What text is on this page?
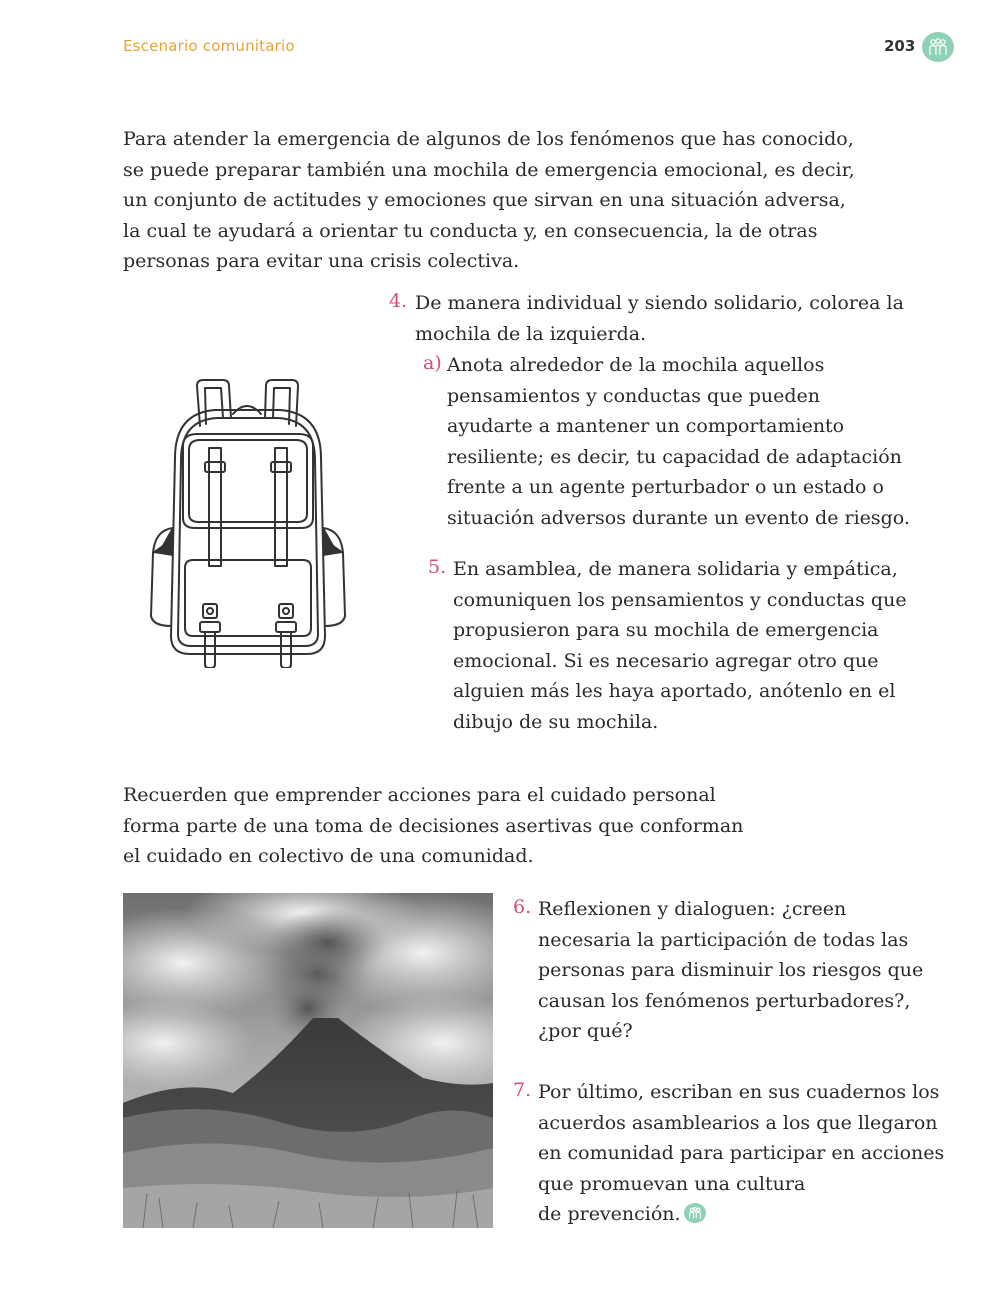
Escenario comunitario	203

Para atender la emergencia de algunos de los fenómenos que has conocido,
se puede preparar también una mochila de emergencia emocional, es decir,
un conjunto de actitudes y emociones que sirvan en una situación adversa,
la cual te ayudará a orientar tu conducta y, en consecuencia, la de otras
personas para evitar una crisis colectiva.

4. De manera individual y siendo solidario, colorea la
mochila de la izquierda.

a) Anota alrededor de la mochila aquellos
pensamientos y conductas que pueden
ayudarte a mantener un comportamiento
resiliente; es decir, tu capacidad de adaptación
frente a un agente perturbador o un estado o
situación adversos durante un evento de riesgo.

5. En asamblea, de manera solidaria y empática,
comuniquen los pensamientos y conductas que
propusieron para su mochila de emergencia
emocional. Si es necesario agregar otro que
alguien más les haya aportado, anótenlo en el
dibujo de su mochila.

Recuerden que emprender acciones para el cuidado personal
forma parte de una toma de decisiones asertivas que conforman
el cuidado en colectivo de una comunidad.

6. Reflexionen y dialoguen: ¿creen
necesaria la participación de todas las
personas para disminuir los riesgos que
causan los fenómenos perturbadores?,
¿por qué?

7. Por último, escriban en sus cuadernos los
acuerdos asamblearios a los que llegaron
en comunidad para participar en acciones
que promuevan una cultura
de prevención.
